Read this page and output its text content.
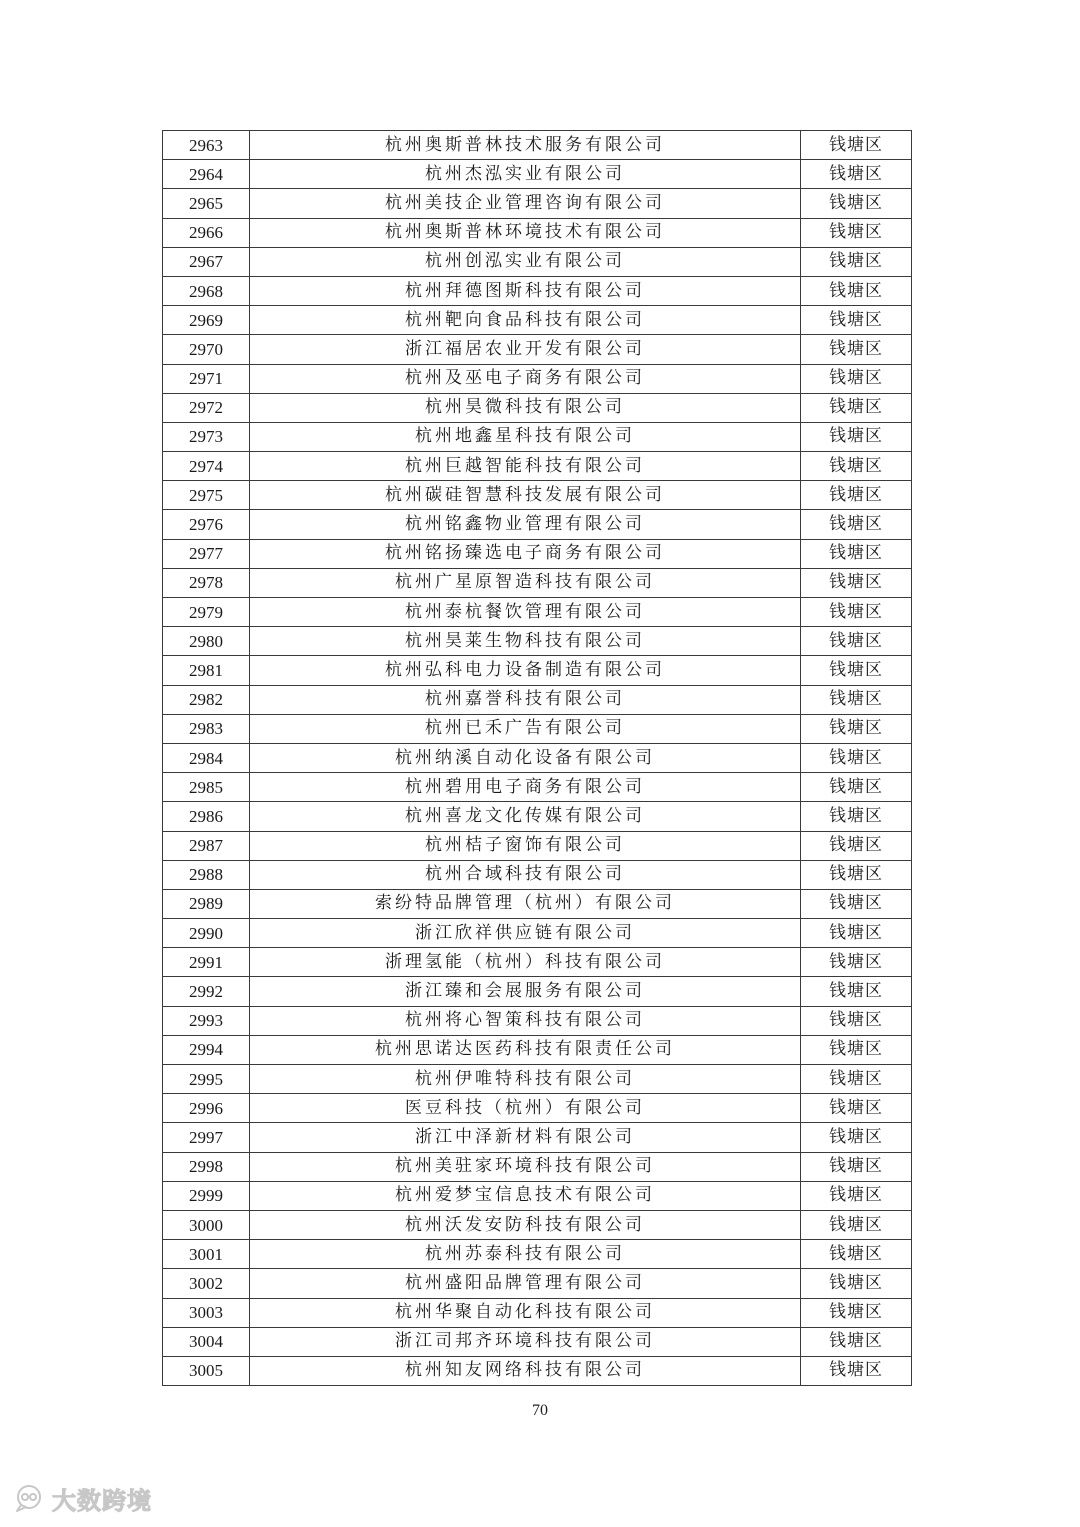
2963	杭州奥斯普林技术服务有限公司	钱塘区
2964	杭州杰泓实业有限公司	钱塘区
2965	杭州美技企业管理咨询有限公司	钱塘区
2966	杭州奥斯普林环境技术有限公司	钱塘区
2967	杭州创泓实业有限公司	钱塘区
2968	杭州拜德图斯科技有限公司	钱塘区
2969	杭州靶向食品科技有限公司	钱塘区
2970	浙江福居农业开发有限公司	钱塘区
2971	杭州及巫电子商务有限公司	钱塘区
2972	杭州昊微科技有限公司	钱塘区
2973	杭州地鑫星科技有限公司	钱塘区
2974	杭州巨越智能科技有限公司	钱塘区
2975	杭州碳硅智慧科技发展有限公司	钱塘区
2976	杭州铭鑫物业管理有限公司	钱塘区
2977	杭州铭扬臻选电子商务有限公司	钱塘区
2978	杭州广星原智造科技有限公司	钱塘区
2979	杭州泰杭餐饮管理有限公司	钱塘区
2980	杭州昊莱生物科技有限公司	钱塘区
2981	杭州弘科电力设备制造有限公司	钱塘区
2982	杭州嘉誉科技有限公司	钱塘区
2983	杭州已禾广告有限公司	钱塘区
2984	杭州纳溪自动化设备有限公司	钱塘区
2985	杭州碧用电子商务有限公司	钱塘区
2986	杭州喜龙文化传媒有限公司	钱塘区
2987	杭州桔子窗饰有限公司	钱塘区
2988	杭州合域科技有限公司	钱塘区
2989	索纷特品牌管理（杭州）有限公司	钱塘区
2990	浙江欣祥供应链有限公司	钱塘区
2991	浙理氢能（杭州）科技有限公司	钱塘区
2992	浙江臻和会展服务有限公司	钱塘区
2993	杭州将心智策科技有限公司	钱塘区
2994	杭州思诺达医药科技有限责任公司	钱塘区
2995	杭州伊唯特科技有限公司	钱塘区
2996	医豆科技（杭州）有限公司	钱塘区
2997	浙江中泽新材料有限公司	钱塘区
2998	杭州美驻家环境科技有限公司	钱塘区
2999	杭州爱梦宝信息技术有限公司	钱塘区
3000	杭州沃发安防科技有限公司	钱塘区
3001	杭州苏泰科技有限公司	钱塘区
3002	杭州盛阳品牌管理有限公司	钱塘区
3003	杭州华聚自动化科技有限公司	钱塘区
3004	浙江司邦齐环境科技有限公司	钱塘区
3005	杭州知友网络科技有限公司	钱塘区
70
大数跨境
